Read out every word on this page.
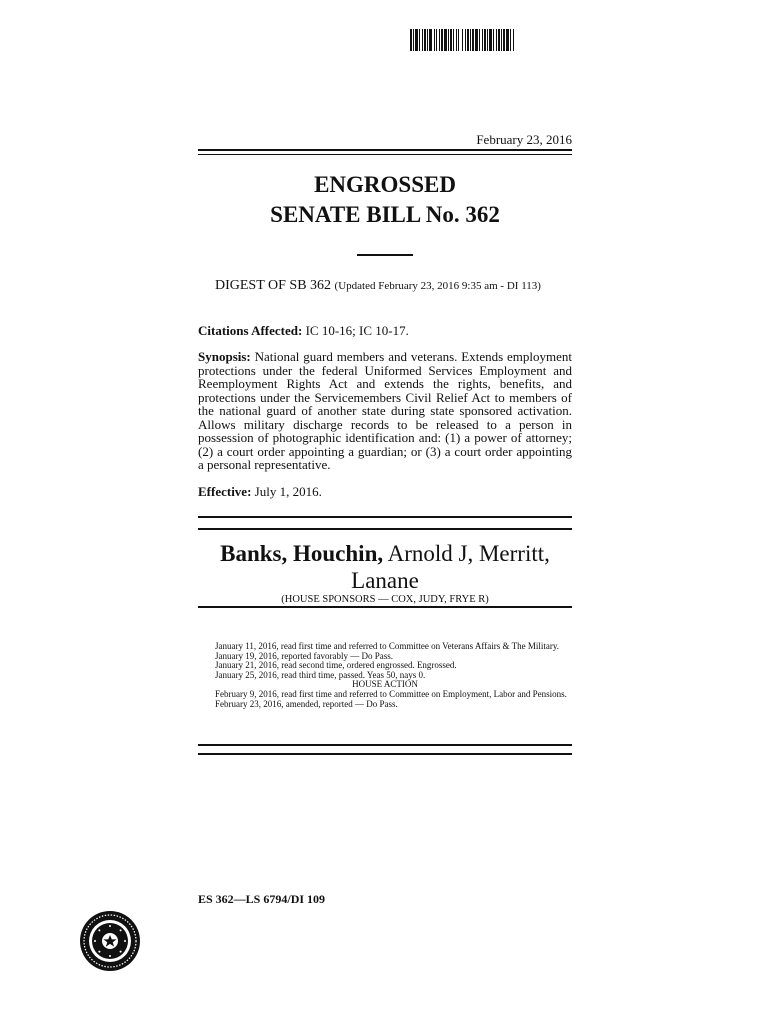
February 23, 2016
ENGROSSED
SENATE BILL No. 362
DIGEST OF SB 362 (Updated February 23, 2016 9:35 am - DI 113)
Citations Affected: IC 10-16; IC 10-17.
Synopsis: National guard members and veterans. Extends employment protections under the federal Uniformed Services Employment and Reemployment Rights Act and extends the rights, benefits, and protections under the Servicemembers Civil Relief Act to members of the national guard of another state during state sponsored activation. Allows military discharge records to be released to a person in possession of photographic identification and: (1) a power of attorney; (2) a court order appointing a guardian; or (3) a court order appointing a personal representative.
Effective: July 1, 2016.
Banks, Houchin, Arnold J, Merritt, Lanane
(HOUSE SPONSORS — COX, JUDY, FRYE R)
January 11, 2016, read first time and referred to Committee on Veterans Affairs & The Military.
January 19, 2016, reported favorably — Do Pass.
January 21, 2016, read second time, ordered engrossed. Engrossed.
January 25, 2016, read third time, passed. Yeas 50, nays 0.
HOUSE ACTION
February 9, 2016, read first time and referred to Committee on Employment, Labor and Pensions.
February 23, 2016, amended, reported — Do Pass.
ES 362—LS 6794/DI 109
